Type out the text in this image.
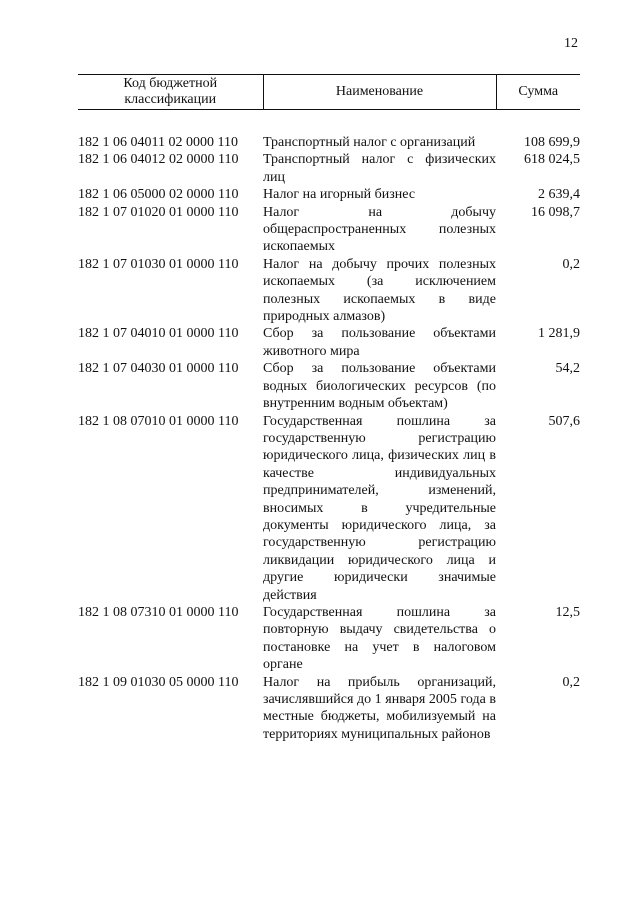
12
Код бюджетной классификации	Наименование	Сумма

182 1 06 04011 02 0000 110	Транспортный налог с организаций	108 699,9
182 1 06 04012 02 0000 110	Транспортный налог с физических лиц	618 024,5
182 1 06 05000 02 0000 110	Налог на игорный бизнес	2 639,4
182 1 07 01020 01 0000 110	Налог на добычу общераспространенных полезных ископаемых	16 098,7
182 1 07 01030 01 0000 110	Налог на добычу прочих полезных ископаемых (за исключением полезных ископаемых в виде природных алмазов)	0,2
182 1 07 04010 01 0000 110	Сбор за пользование объектами животного мира	1 281,9
182 1 07 04030 01 0000 110	Сбор за пользование объектами водных биологических ресурсов (по внутренним водным объектам)	54,2
182 1 08 07010 01 0000 110	Государственная пошлина за государственную регистрацию юридического лица, физических лиц в качестве индивидуальных предпринимателей, изменений, вносимых в учредительные документы юридического лица, за государственную регистрацию ликвидации юридического лица и другие юридически значимые действия	507,6
182 1 08 07310 01 0000 110	Государственная пошлина за повторную выдачу свидетельства о постановке на учет в налоговом органе	12,5
182 1 09 01030 05 0000 110	Налог на прибыль организаций, зачислявшийся до 1 января 2005 года в местные бюджеты, мобилизуемый на территориях муниципальных районов	0,2
